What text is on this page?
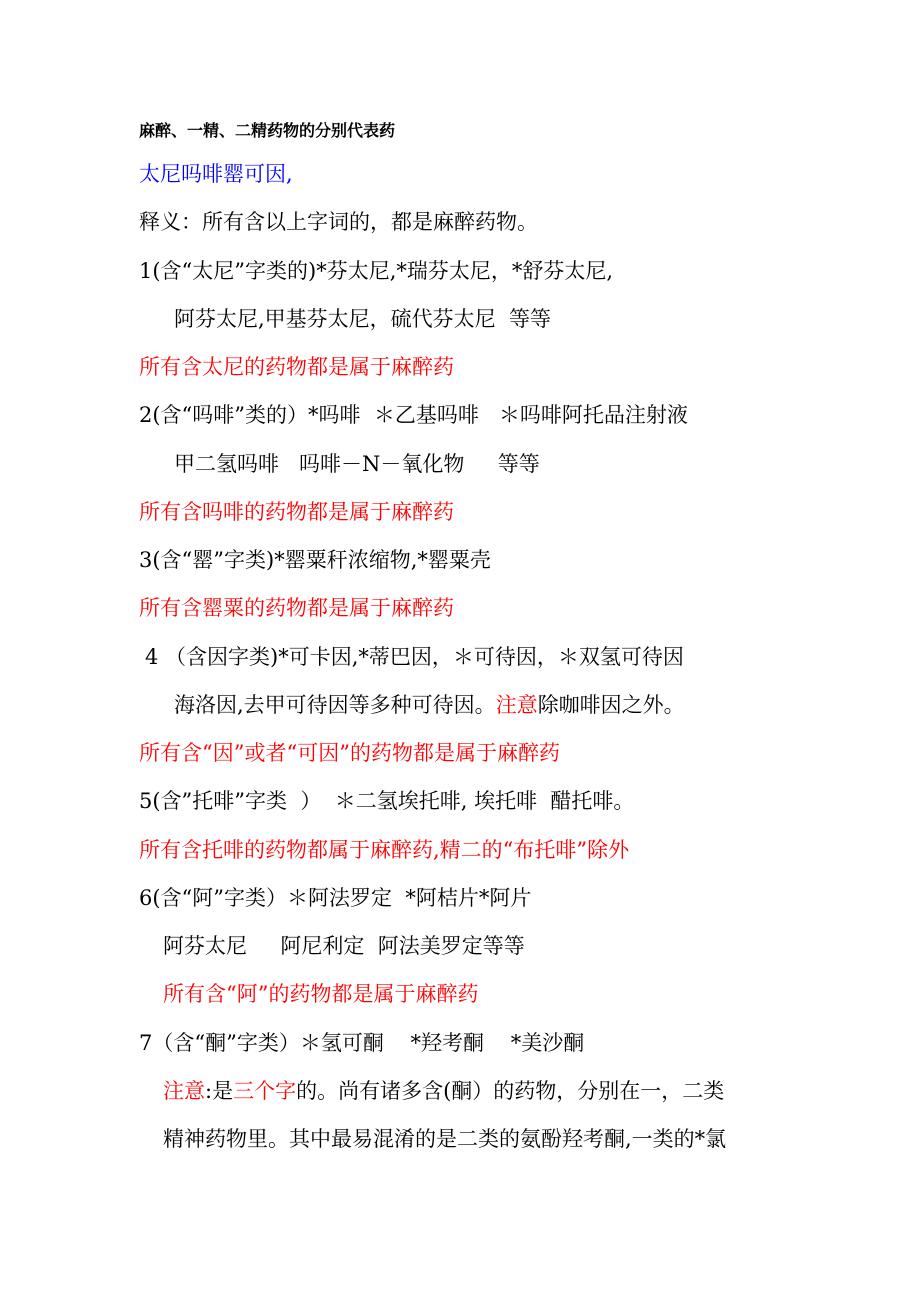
麻醉、一精、二精药物的分别代表药
太尼吗啡罂可因,
释义：所有含以上字词的，都是麻醉药物。
1(含“太尼”字类的)*芬太尼,*瑞芬太尼，*舒芬太尼,
阿芬太尼,甲基芬太尼，硫代芬太尼  等等
所有含太尼的药物都是属于麻醉药
2(含“吗啡”类的）*吗啡  ＊乙基吗啡   ＊吗啡阿托品注射液
甲二氢吗啡   吗啡－N－氧化物     等等
所有含吗啡的药物都是属于麻醉药
3(含“罂”字类)*罂粟秆浓缩物,*罂粟壳
所有含罂粟的药物都是属于麻醉药
4 （含因字类)*可卡因,*蒂巴因，＊可待因，＊双氢可待因
海洛因,去甲可待因等多种可待因。注意除咖啡因之外。
所有含“因”或者“可因”的药物都是属于麻醉药
5(含”托啡”字类  ）  ＊二氢埃托啡, 埃托啡  醋托啡。
所有含托啡的药物都属于麻醉药,精二的“布托啡”除外
6(含“阿”字类）＊阿法罗定  *阿桔片*阿片
阿芬太尼     阿尼利定  阿法美罗定等等
所有含“阿”的药物都是属于麻醉药
7（含“酮”字类）＊氢可酮    *羟考酮    *美沙酮
注意:是三个字的。尚有诸多含(酮）的药物，分别在一，二类
精神药物里。其中最易混淆的是二类的氨酚羟考酮,一类的*氯
